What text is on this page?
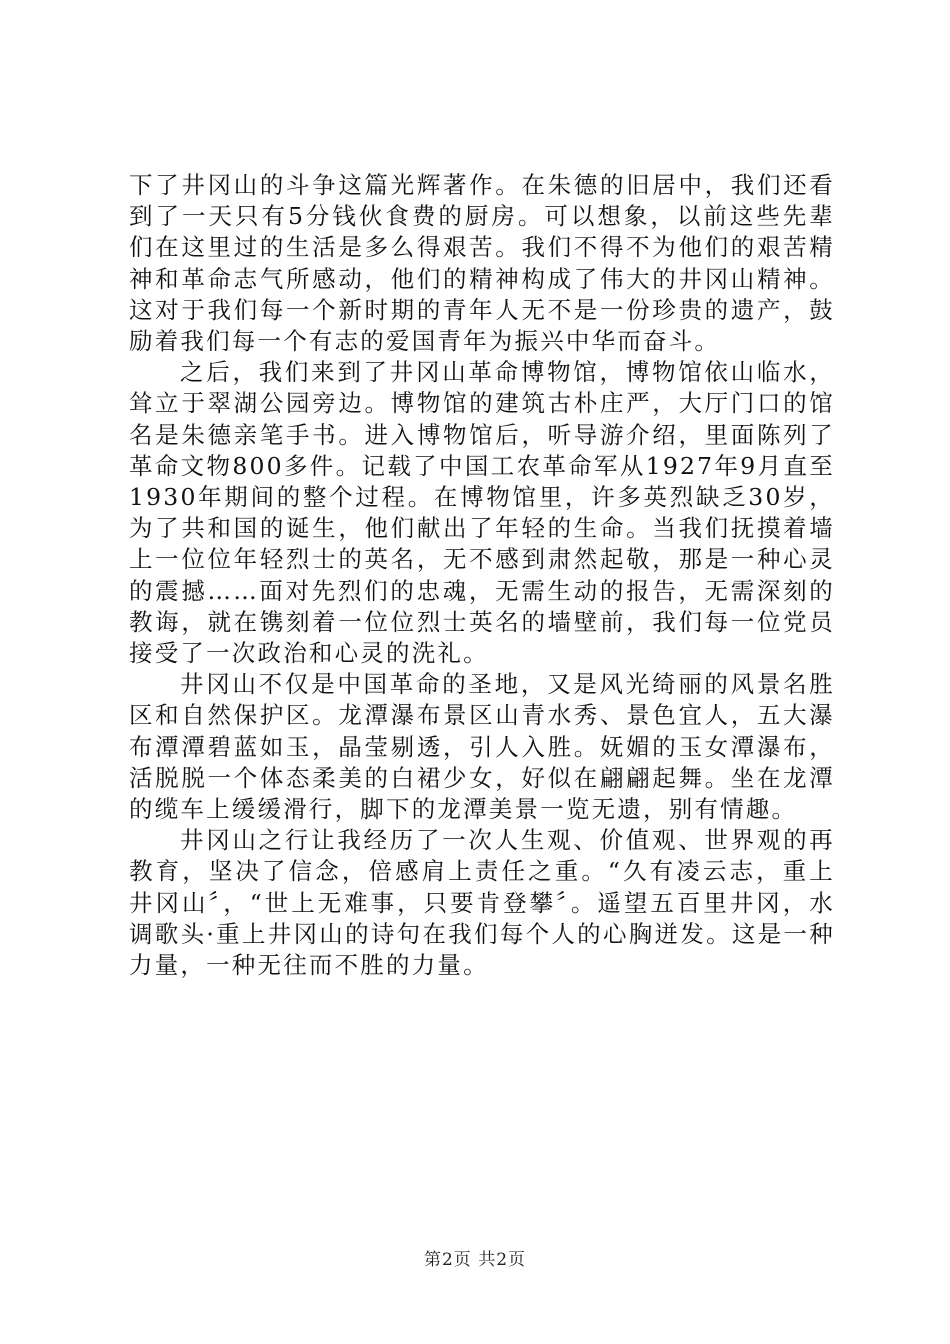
下了井冈山的斗争这篇光辉著作。在朱德的旧居中，我们还看到了一天只有5分钱伙食费的厨房。可以想象，以前这些先辈们在这里过的生活是多么得艰苦。我们不得不为他们的艰苦精神和革命志气所感动，他们的精神构成了伟大的井冈山精神。这对于我们每一个新时期的青年人无不是一份珍贵的遗产，鼓励着我们每一个有志的爱国青年为振兴中华而奋斗。

之后，我们来到了井冈山革命博物馆，博物馆依山临水，耸立于翠湖公园旁边。博物馆的建筑古朴庄严，大厅门口的馆名是朱德亲笔手书。进入博物馆后，听导游介绍，里面陈列了革命文物800多件。记载了中国工农革命军从1927年9月直至1930年期间的整个过程。在博物馆里，许多英烈缺乏30岁，为了共和国的诞生，他们献出了年轻的生命。当我们抚摸着墙上一位位年轻烈士的英名，无不感到肃然起敬，那是一种心灵的震撼……面对先烈们的忠魂，无需生动的报告，无需深刻的教诲，就在镌刻着一位位烈士英名的墙壁前，我们每一位党员接受了一次政治和心灵的洗礼。

井冈山不仅是中国革命的圣地，又是风光绮丽的风景名胜区和自然保护区。龙潭瀑布景区山青水秀、景色宜人，五大瀑布潭潭碧蓝如玉，晶莹剔透，引人入胜。妩媚的玉女潭瀑布，活脱脱一个体态柔美的白裙少女，好似在翩翩起舞。坐在龙潭的缆车上缓缓滑行，脚下的龙潭美景一览无遗，别有情趣。

井冈山之行让我经历了一次人生观、价值观、世界观的再教育，坚决了信念，倍感肩上责任之重。“久有凌云志，重上井冈山〞，“世上无难事，只要肯登攀〞。遥望五百里井冈，水调歌头·重上井冈山的诗句在我们每个人的心胸迸发。这是一种力量，一种无往而不胜的力量。

第2页 共2页
